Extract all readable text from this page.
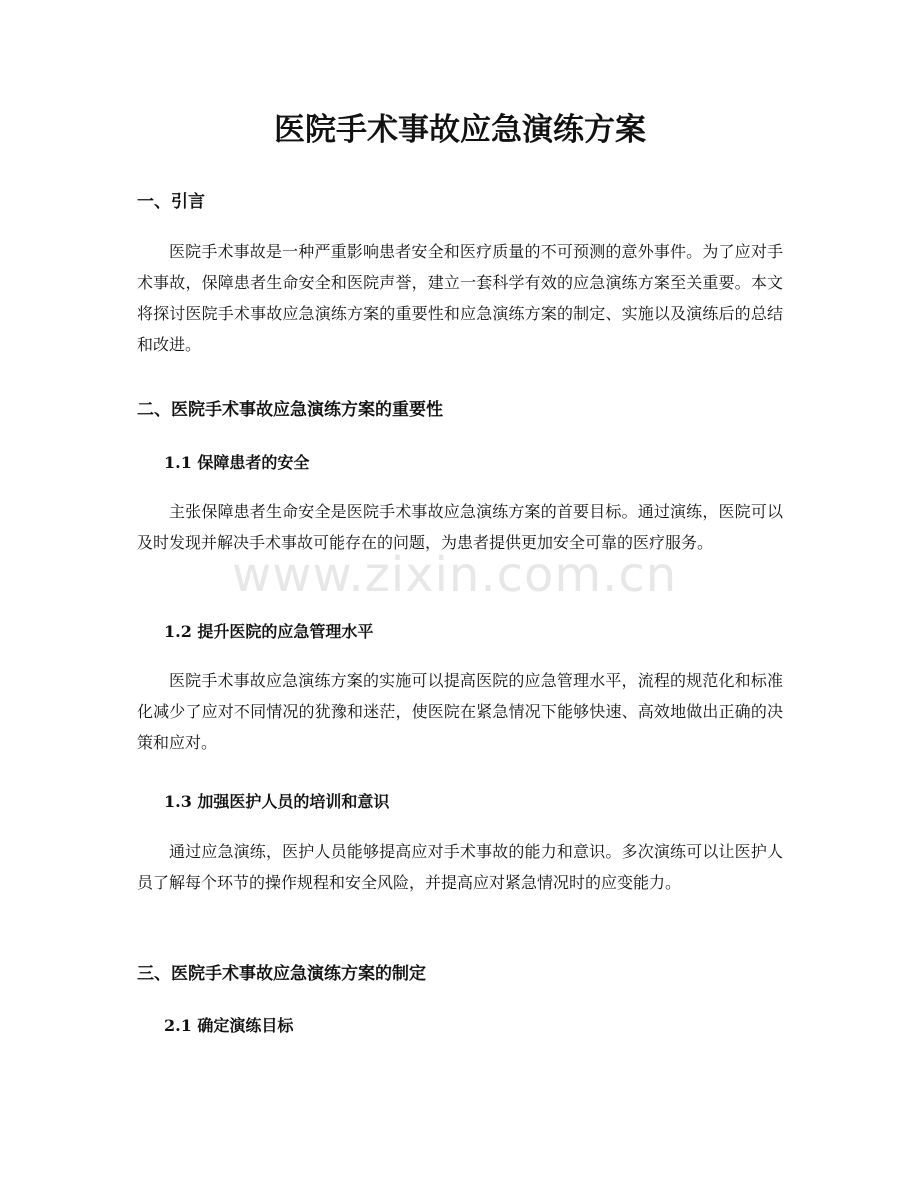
医院手术事故应急演练方案
一、引言

医院手术事故是一种严重影响患者安全和医疗质量的不可预测的意外事件。为了应对手术事故，保障患者生命安全和医院声誉，建立一套科学有效的应急演练方案至关重要。本文将探讨医院手术事故应急演练方案的重要性和应急演练方案的制定、实施以及演练后的总结和改进。

二、医院手术事故应急演练方案的重要性
1.1 保障患者的安全

主张保障患者生命安全是医院手术事故应急演练方案的首要目标。通过演练，医院可以及时发现并解决手术事故可能存在的问题，为患者提供更加安全可靠的医疗服务。

1.2 提升医院的应急管理水平

医院手术事故应急演练方案的实施可以提高医院的应急管理水平，流程的规范化和标准化减少了应对不同情况的犹豫和迷茫，使医院在紧急情况下能够快速、高效地做出正确的决策和应对。

1.3 加强医护人员的培训和意识

通过应急演练，医护人员能够提高应对手术事故的能力和意识。多次演练可以让医护人员了解每个环节的操作规程和安全风险，并提高应对紧急情况时的应变能力。

三、医院手术事故应急演练方案的制定
2.1 确定演练目标
www.zixin.com.cn
